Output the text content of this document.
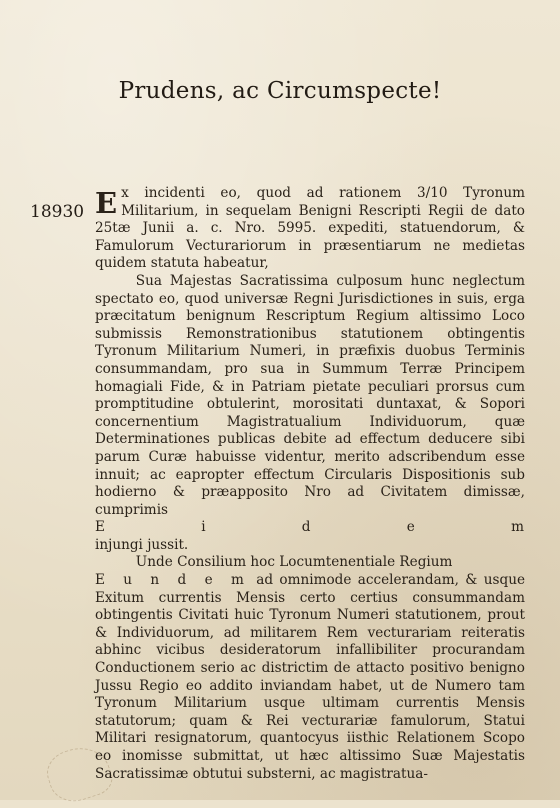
Prudens, ac Circumspecte!
18930 Ex incidenti eo, quod ad rationem 3/10 Tyronum Militarium, in sequelam Benigni Rescripti Regii de dato 25tæ Junii a. c. Nro. 5995. expediti, statuendorum, & Famulorum Vecturariorum in præsentiarum ne medietas quidem statuta habeatur,

Sua Majestas Sacratissima culposum hunc neglectum spectato eo, quod universæ Regni Jurisdictiones in suis, erga præcitatum benignum Rescriptum Regium altissimo Loco submissis Remonstrationibus statutionem obtingentis Tyronum Militarium Numeri, in præfixis duobus Terminis consummandam, pro sua in Summum Terræ Principem homagiali Fide, & in Patriam pietate peculiari prorsus cum promptitudine obtulerint, morositati duntaxat, & Sopori concernentium Magistratualium Individuorum, quæ Determinationes publicas debite ad effectum deducere sibi parum Curæ habuisse videntur, merito adscribendum esse innuit; ac eapropter effectum Circularis Dispositionis sub hodierno & præapposito Nro ad Civitatem dimissæ, cumprimis

E i d e m

injungi jussit.

Unde Consilium hoc Locumtenentiale Regium

E u n d e m ad omnimode accelerandam, & usque Exitum currentis Mensis certo certius consummandam obtingentis Civitati huic Tyronum Numeri statutionem, prout & Individuorum, ad militarem Rem vecturariam reiteratis abhinc vicibus desideratorum infallibiliter procurandam Conductionem serio ac districtim de attacto positivo benigno Jussu Regio eo addito inviandam habet, ut de Numero tam Tyronum Militarium usque ultimam currentis Mensis statutorum; quam & Rei vecturariæ famulorum, Statui Militari resignatorum, quantocyus iisthic Relationem Scopo eo inomisse submittat, ut hæc altissimo Suæ Majestatis Sacratissimæ obtutui substerni, ac magistratua-
